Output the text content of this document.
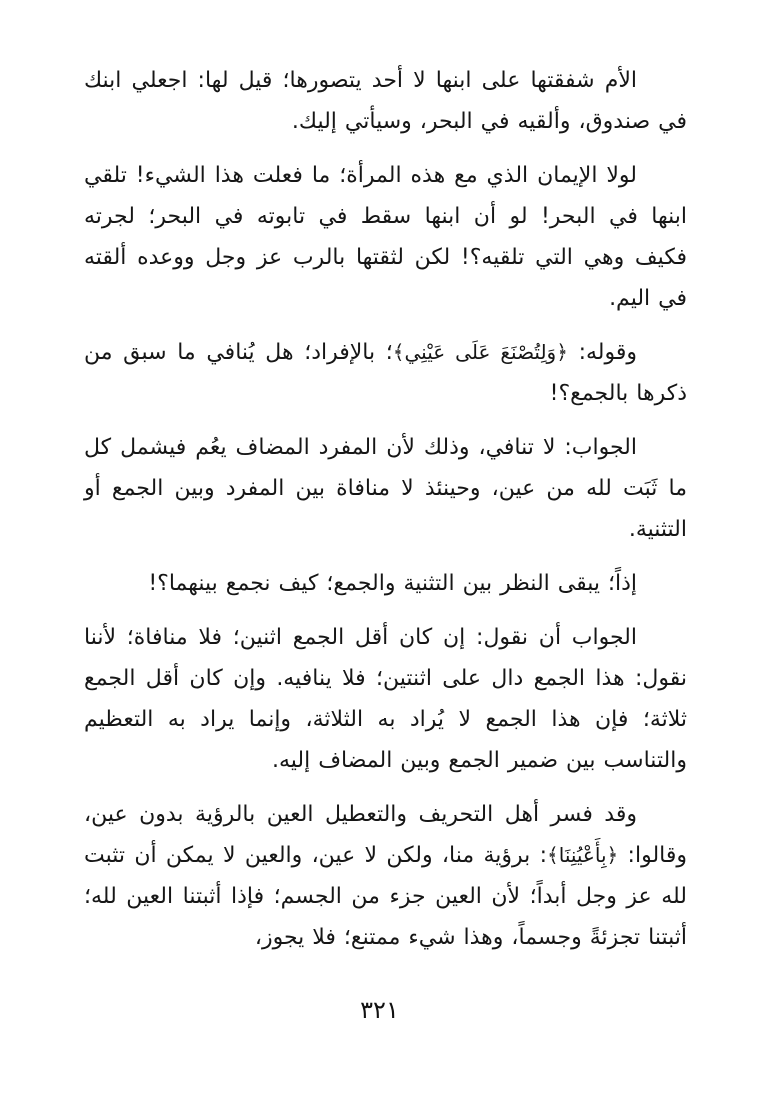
الأم شفقتها على ابنها لا أحد يتصورها؛ قيل لها: اجعلي ابنك في صندوق، وألقيه في البحر، وسيأتي إليك.

لولا الإيمان الذي مع هذه المرأة؛ ما فعلت هذا الشيء! تلقي ابنها في البحر! لو أن ابنها سقط في تابوته في البحر؛ لجرته فكيف وهي التي تلقيه؟! لكن لثقتها بالرب عز وجل ووعده ألقته في اليم.

وقوله: ﴿وَلِتُصْنَعَ عَلَى عَيْنِي﴾؛ بالإفراد؛ هل يُنافي ما سبق من ذكرها بالجمع؟!

الجواب: لا تنافي، وذلك لأن المفرد المضاف يعُم فيشمل كل ما ثَبَت لله من عين، وحينئذ لا منافاة بين المفرد وبين الجمع أو التثنية.

إذاً؛ يبقى النظر بين التثنية والجمع؛ كيف نجمع بينهما؟!

الجواب أن نقول: إن كان أقل الجمع اثنين؛ فلا منافاة؛ لأننا نقول: هذا الجمع دال على اثنتين؛ فلا ينافيه. وإن كان أقل الجمع ثلاثة؛ فإن هذا الجمع لا يُراد به الثلاثة، وإنما يراد به التعظيم والتناسب بين ضمير الجمع وبين المضاف إليه.

وقد فسر أهل التحريف والتعطيل العين بالرؤية بدون عين، وقالوا: ﴿بِأَعْيُنِنَا﴾: برؤية منا، ولكن لا عين، والعين لا يمكن أن تثبت لله عز وجل أبداً؛ لأن العين جزء من الجسم؛ فإذا أثبتنا العين لله؛ أثبتنا تجزئةً وجسماً، وهذا شيء ممتنع؛ فلا يجوز،

٣٢١
